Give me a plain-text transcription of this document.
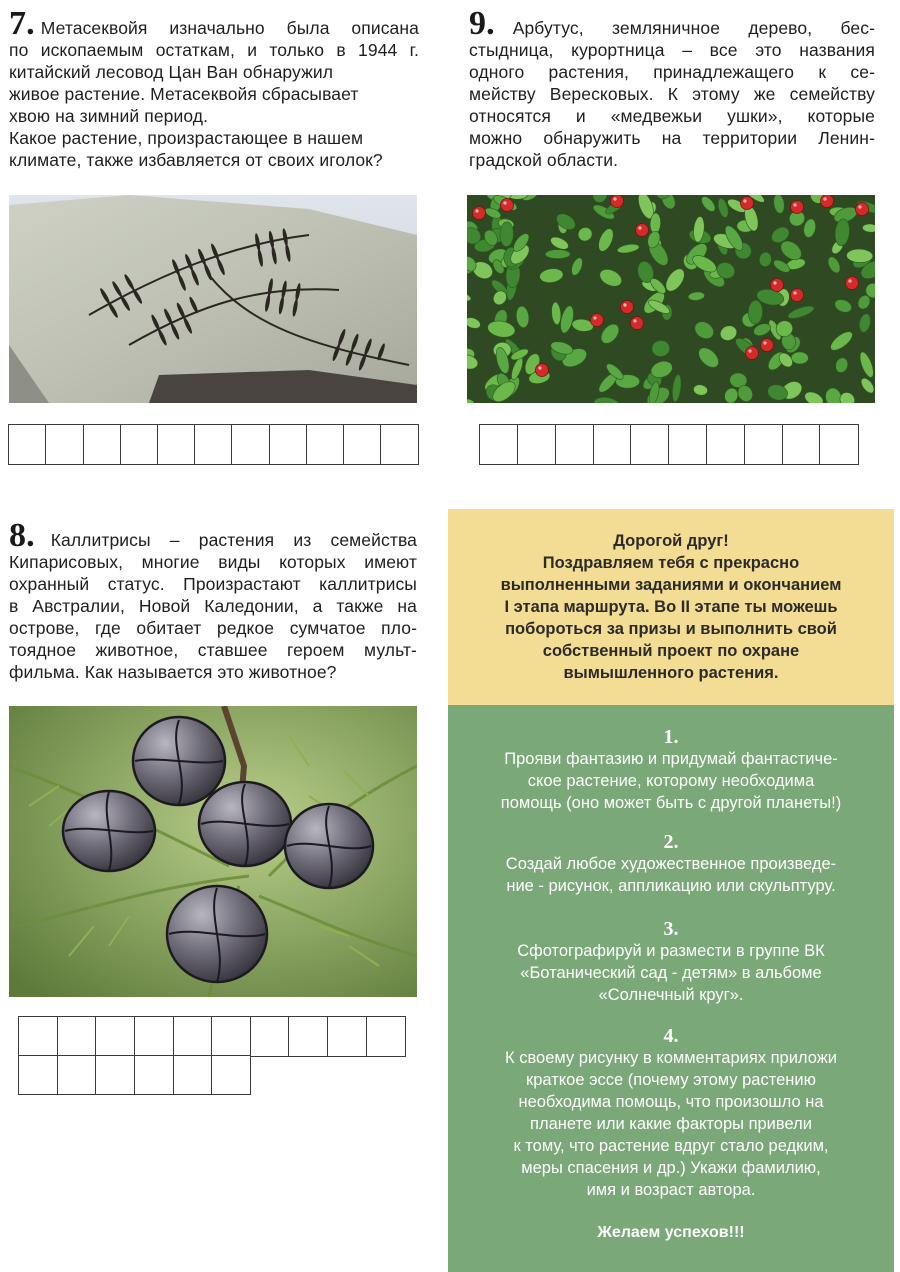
7. Метасеквойя изначально была описана
по ископаемым остаткам, и только в 1944 г.
китайский лесовод Цан Ван обнаружил
живое растение. Метасеквойя сбрасывает
хвою на зимний период.
Какое растение, произрастающее в нашем
климате, также избавляется от своих иголок?
9. Арбутус, земляничное дерево, бес-
стыдница, курортница – все это названия
одного растения, принадлежащего к се-
мейству Вересковых. К этому же семейству
относятся и «медвежьи ушки», которые
можно обнаружить на территории Ленин-
градской области.
8. Каллитрисы – растения из семейства
Кипарисовых, многие виды которых имеют
охранный статус. Произрастают каллитрисы
в Австралии, Новой Каледонии, а также на
острове, где обитает редкое сумчатое пло-
тоядное животное, ставшее героем мульт-
фильма. Как называется это животное?
Дорогой друг!
Поздравляем тебя с прекрасно
выполненными заданиями и окончанием
I этапа маршрута. Во II этапе ты можешь
побороться за призы и выполнить свой
собственный проект по охране
вымышленного растения.
1.
Прояви фантазию и придумай фантастиче-
ское растение, которому необходима
помощь (оно может быть с другой планеты!)
2.
Создай любое художественное произведе-
ние - рисунок, аппликацию или скульптуру.
3.
Сфотографируй и размести в группе ВК
«Ботанический сад - детям» в альбоме
«Солнечный круг».
4.
К своему рисунку в комментариях приложи
краткое эссе (почему этому растению
необходима помощь, что произошло на
планете или какие факторы привели
к тому, что растение вдруг стало редким,
меры спасения и др.) Укажи фамилию,
имя и возраст автора.
Желаем успехов!!!
